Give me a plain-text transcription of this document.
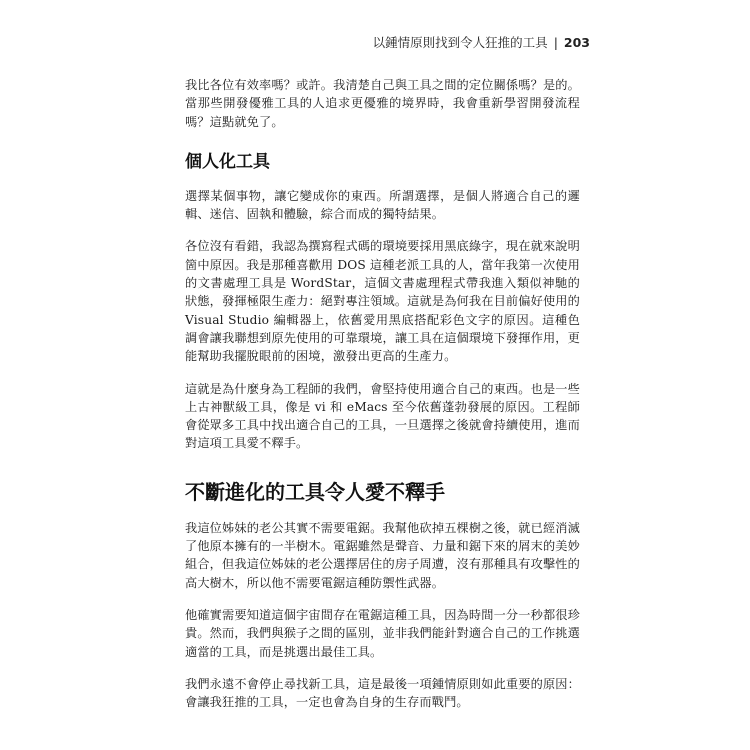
以鍾情原則找到令人狂推的工具 | 203

我比各位有效率嗎？或許。我清楚自己與工具之間的定位關係嗎？是的。當那些開發優雅工具的人追求更優雅的境界時，我會重新學習開發流程嗎？這點就免了。

個人化工具

選擇某個事物，讓它變成你的東西。所謂選擇，是個人將適合自己的邏輯、迷信、固執和體驗，綜合而成的獨特結果。

各位沒有看錯，我認為撰寫程式碼的環境要採用黑底綠字，現在就來說明箇中原因。我是那種喜歡用 DOS 這種老派工具的人，當年我第一次使用的文書處理工具是 WordStar，這個文書處理程式帶我進入類似神馳的狀態，發揮極限生產力：絕對專注領域。這就是為何我在目前偏好使用的 Visual Studio 編輯器上，依舊愛用黑底搭配彩色文字的原因。這種色調會讓我聯想到原先使用的可靠環境，讓工具在這個環境下發揮作用，更能幫助我擺脫眼前的困境，激發出更高的生產力。

這就是為什麼身為工程師的我們，會堅持使用適合自己的東西。也是一些上古神獸級工具，像是 vi 和 eMacs 至今依舊蓬勃發展的原因。工程師會從眾多工具中找出適合自己的工具，一旦選擇之後就會持續使用，進而對這項工具愛不釋手。

不斷進化的工具令人愛不釋手

我這位姊妹的老公其實不需要電鋸。我幫他砍掉五棵樹之後，就已經消滅了他原本擁有的一半樹木。電鋸雖然是聲音、力量和鋸下來的屑末的美妙組合，但我這位姊妹的老公選擇居住的房子周遭，沒有那種具有攻擊性的高大樹木，所以他不需要電鋸這種防禦性武器。

他確實需要知道這個宇宙間存在電鋸這種工具，因為時間一分一秒都很珍貴。然而，我們與猴子之間的區別，並非我們能針對適合自己的工作挑選適當的工具，而是挑選出最佳工具。

我們永遠不會停止尋找新工具，這是最後一項鍾情原則如此重要的原因：會讓我狂推的工具，一定也會為自身的生存而戰鬥。
